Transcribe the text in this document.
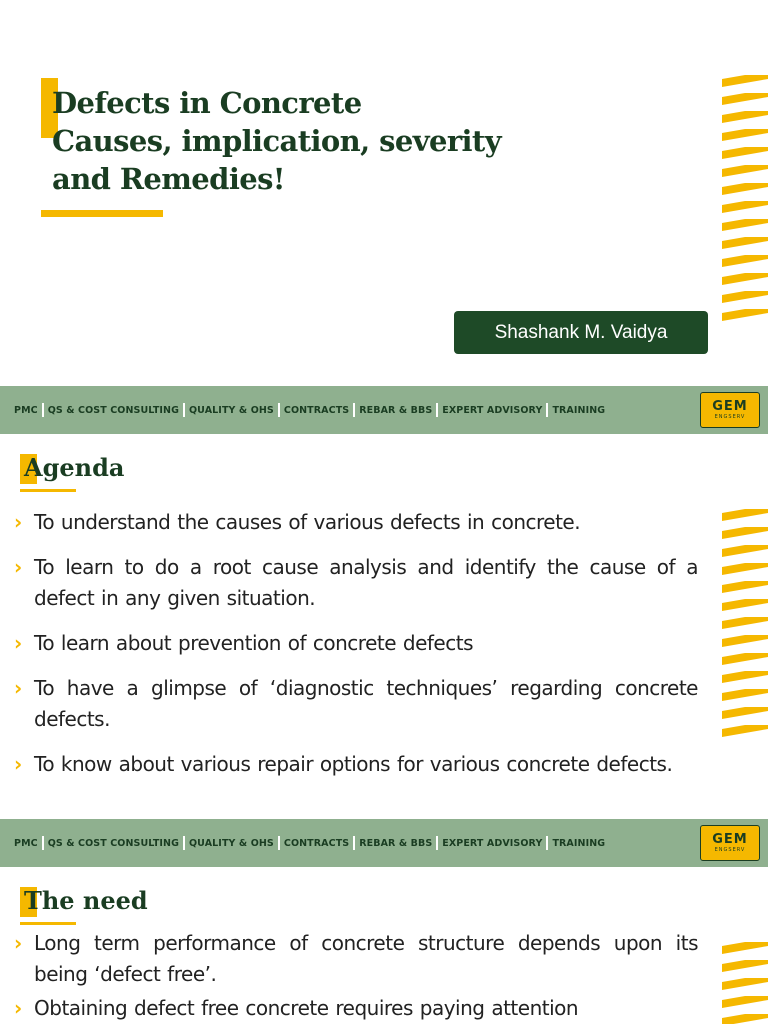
Defects in Concrete
Causes, implication, severity
and Remedies!
Shashank M. Vaidya
PMC QS & COST CONSULTING QUALITY & OHS CONTRACTS REBAR & BBS EXPERT ADVISORY TRAINING	GEM
ENGSERV
Agenda
› To understand the causes of various defects in concrete.
› To learn to do a root cause analysis and identify the cause of a defect in any given situation.
› To learn about prevention of concrete defects
› To have a glimpse of ‘diagnostic techniques’ regarding concrete defects.
› To know about various repair options for various concrete defects.
PMC QS & COST CONSULTING QUALITY & OHS CONTRACTS REBAR & BBS EXPERT ADVISORY TRAINING	GEM
ENGSERV
The need
› Long term performance of concrete structure depends upon its being ‘defect free’.
› Obtaining defect free concrete requires paying attention
